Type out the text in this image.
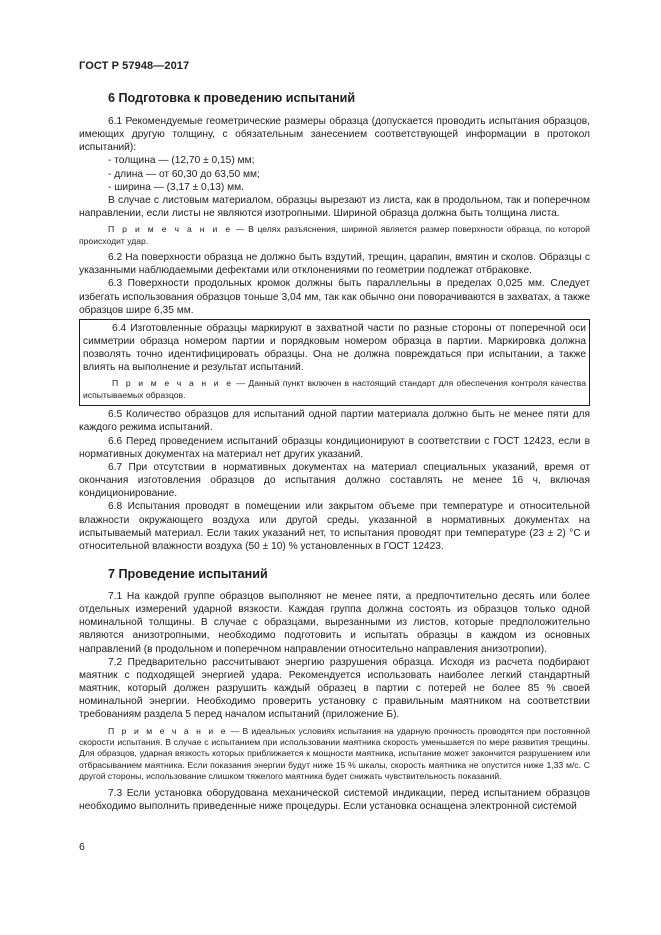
ГОСТ Р 57948—2017
6 Подготовка к проведению испытаний

6.1 Рекомендуемые геометрические размеры образца (допускается проводить испытания образцов, имеющих другую толщину, с обязательным занесением соответствующей информации в протокол испытаний):

- толщина — (12,70 ± 0,15) мм;

- длина — от 60,30 до 63,50 мм;

- ширина — (3,17 ± 0,13) мм.

В случае с листовым материалом, образцы вырезают из листа, как в продольном, так и поперечном направлении, если листы не являются изотропными. Шириной образца должна быть толщина листа.

П р и м е ч а н и е — В целях разъяснения, шириной является размер поверхности образца, по которой происходит удар.

6.2 На поверхности образца не должно быть вздутий, трещин, царапин, вмятин и сколов. Образцы с указанными наблюдаемыми дефектами или отклонениями по геометрии подлежат отбраковке.

6.3 Поверхности продольных кромок должны быть параллельны в пределах 0,025 мм. Следует избегать использования образцов тоньше 3,04 мм, так как обычно они поворачиваются в захватах, а также образцов шире 6,35 мм.

6.4 Изготовленные образцы маркируют в захватной части по разные стороны от поперечной оси симметрии образца номером партии и порядковым номером образца в партии. Маркировка должна позволять точно идентифицировать образцы. Она не должна повреждаться при испытании, а также влиять на выполнение и результат испытаний.

П р и м е ч а н и е — Данный пункт включен в настоящий стандарт для обеспечения контроля качества испытываемых образцов.

6.5 Количество образцов для испытаний одной партии материала должно быть не менее пяти для каждого режима испытаний.

6.6 Перед проведением испытаний образцы кондиционируют в соответствии с ГОСТ 12423, если в нормативных документах на материал нет других указаний.

6.7 При отсутствии в нормативных документах на материал специальных указаний, время от окончания изготовления образцов до испытания должно составлять не менее 16 ч, включая кондиционирование.

6.8 Испытания проводят в помещении или закрытом объеме при температуре и относительной влажности окружающего воздуха или другой среды, указанной в нормативных документах на испытываемый материал. Если таких указаний нет, то испытания проводят при температуре (23 ± 2) °С и относительной влажности воздуха (50 ± 10) % установленных в ГОСТ 12423.

7 Проведение испытаний

7.1 На каждой группе образцов выполняют не менее пяти, а предпочтительно десять или более отдельных измерений ударной вязкости. Каждая группа должна состоять из образцов только одной номинальной толщины. В случае с образцами, вырезанными из листов, которые предположительно являются анизотропными, необходимо подготовить и испытать образцы в каждом из основных направлений (в продольном и поперечном направлении относительно направления анизотропии).

7.2 Предварительно рассчитывают энергию разрушения образца. Исходя из расчета подбирают маятник с подходящей энергией удара. Рекомендуется использовать наиболее легкий стандартный маятник, который должен разрушить каждый образец в партии с потерей не более 85 % своей номинальной энергии. Необходимо проверить установку с правильным маятником на соответствии требованиям раздела 5 перед началом испытаний (приложение Б).

П р и м е ч а н и е — В идеальных условиях испытания на ударную прочность проводятся при постоянной скорости испытания. В случае с испытанием при использовании маятника скорость уменьшается по мере развития трещины. Для образцов, ударная вязкость которых приближается к мощности маятника, испытание может закончится разрушением или отбрасыванием маятника. Если показания энергии будут ниже 15 % шкалы, скорость маятника не опустится ниже 1,33 м/с. С другой стороны, использование слишком тяжелого маятника будет снижать чувствительность показаний.

7.3 Если установка оборудована механической системой индикации, перед испытанием образцов необходимо выполнить приведенные ниже процедуры. Если установка оснащена электронной системой

6
